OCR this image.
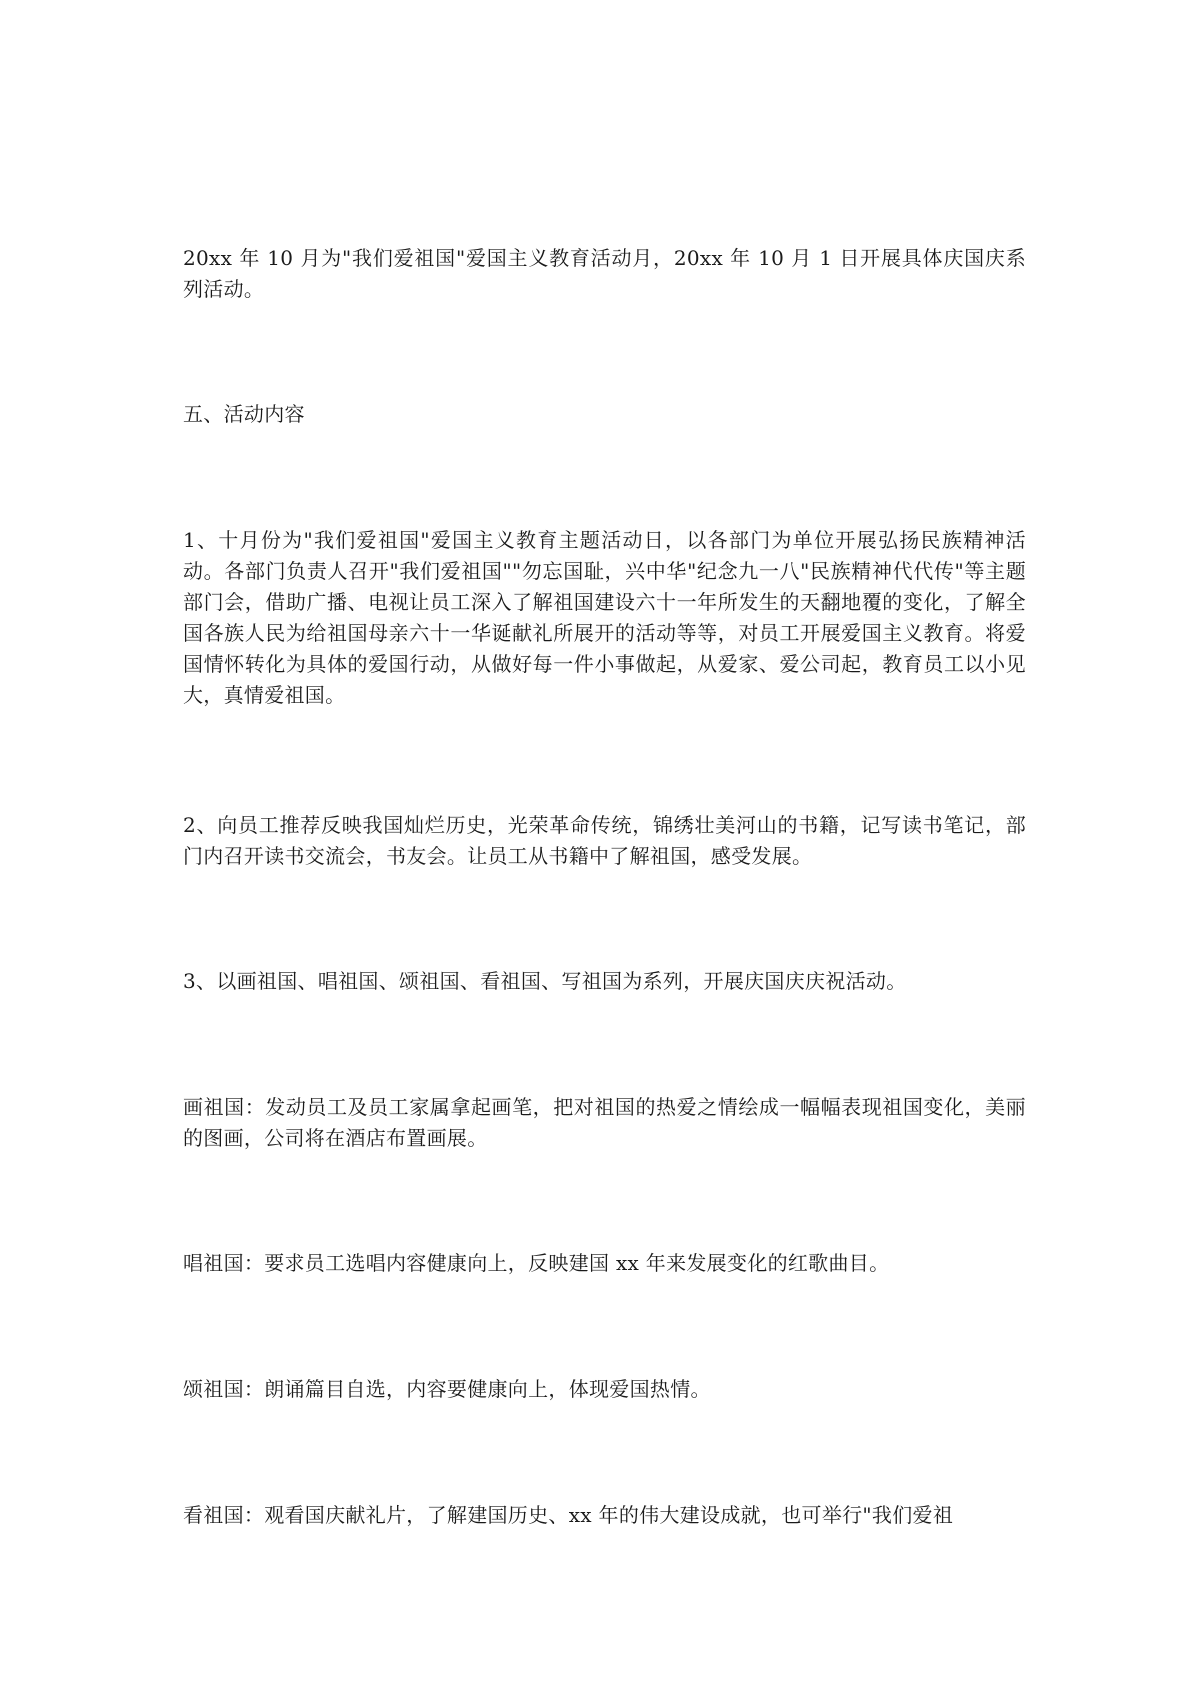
20xx 年 10 月为"我们爱祖国"爱国主义教育活动月，20xx 年 10 月 1 日开展具体庆国庆系列活动。

五、活动内容

1、十月份为"我们爱祖国"爱国主义教育主题活动日，以各部门为单位开展弘扬民族精神活动。各部门负责人召开"我们爱祖国""勿忘国耻，兴中华"纪念九一八"民族精神代代传"等主题部门会，借助广播、电视让员工深入了解祖国建设六十一年所发生的天翻地覆的变化，了解全国各族人民为给祖国母亲六十一华诞献礼所展开的活动等等，对员工开展爱国主义教育。将爱国情怀转化为具体的爱国行动，从做好每一件小事做起，从爱家、爱公司起，教育员工以小见大，真情爱祖国。

2、向员工推荐反映我国灿烂历史，光荣革命传统，锦绣壮美河山的书籍，记写读书笔记，部门内召开读书交流会，书友会。让员工从书籍中了解祖国，感受发展。

3、以画祖国、唱祖国、颂祖国、看祖国、写祖国为系列，开展庆国庆庆祝活动。

画祖国：发动员工及员工家属拿起画笔，把对祖国的热爱之情绘成一幅幅表现祖国变化，美丽的图画，公司将在酒店布置画展。

唱祖国：要求员工选唱内容健康向上，反映建国 xx 年来发展变化的红歌曲目。

颂祖国：朗诵篇目自选，内容要健康向上，体现爱国热情。

看祖国：观看国庆献礼片，了解建国历史、xx 年的伟大建设成就，也可举行"我们爱祖
